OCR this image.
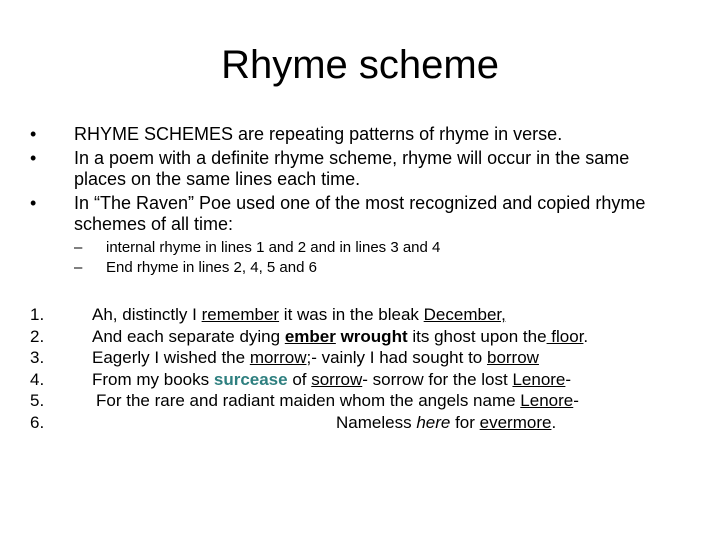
Rhyme scheme
•	RHYME SCHEMES are repeating patterns of rhyme in verse.
•	In a poem with a definite rhyme scheme, rhyme will occur in the same places on the same lines each time.
•	In “The Raven” Poe used one of the most recognized and copied rhyme schemes of all time:
– internal rhyme in lines 1 and 2 and in lines 3 and 4
– End rhyme in lines 2, 4, 5 and 6
1.	Ah, distinctly I remember it was in the bleak December,
2.	And each separate dying ember wrought its ghost upon the floor.
3.	Eagerly I wished the morrow;- vainly I had sought to borrow
4.	From my books surcease of sorrow- sorrow for the lost Lenore-
5.	For the rare and radiant maiden whom the angels name Lenore-
6.	Nameless here for evermore.
